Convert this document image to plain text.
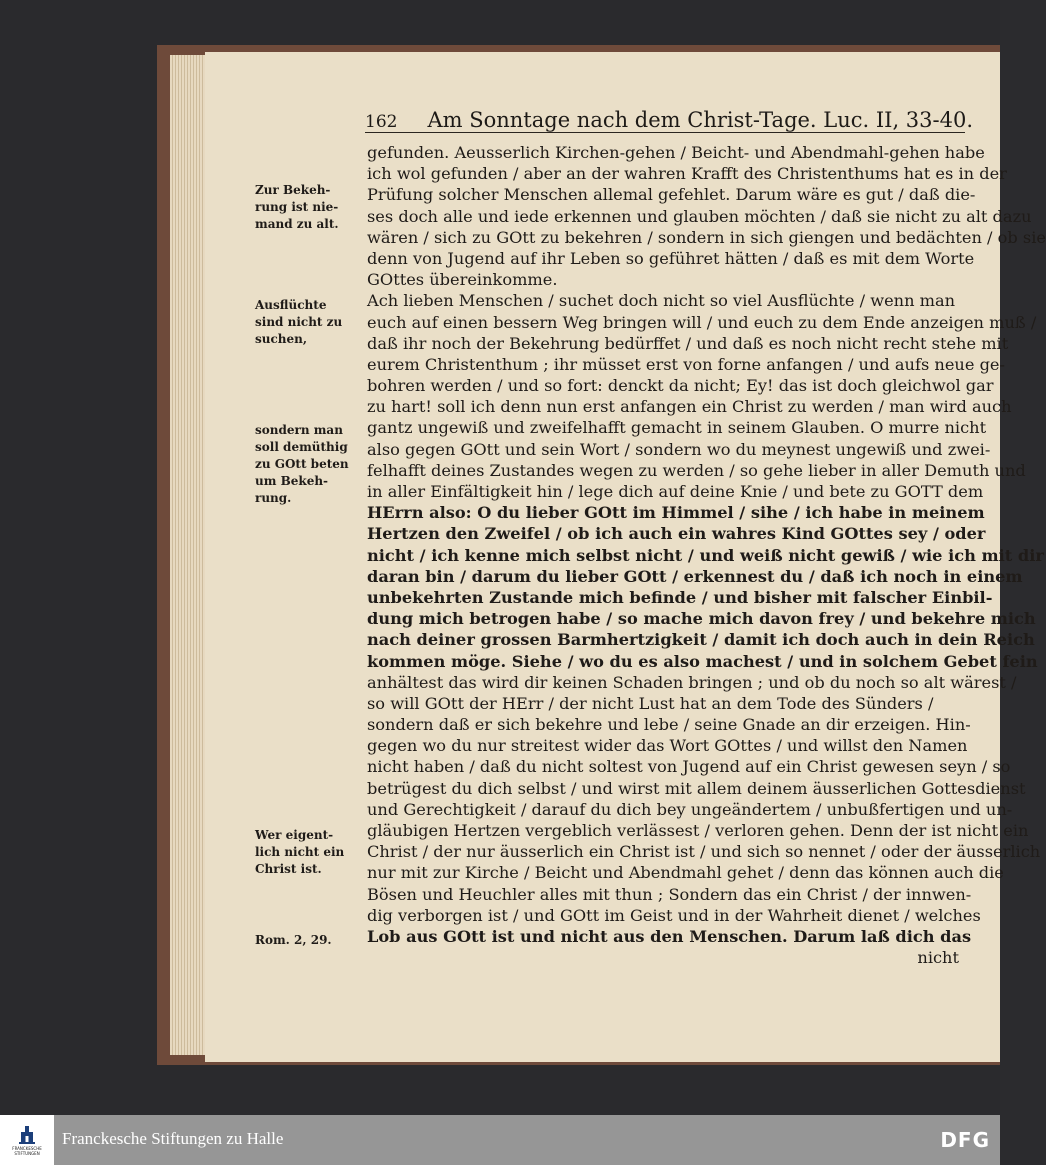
162 Am Sonntage nach dem Christ-Tage. Luc. II, 33-40.
gefunden. Aeusserlich Kirchen-gehen / Beicht- und Abendmahl-gehen habe
ich wol gefunden / aber an der wahren Krafft des Christenthums hat es in der
Prüfung solcher Menschen allemal gefehlet. Darum wäre es gut / daß die-
ses doch alle und iede erkennen und glauben möchten / daß sie nicht zu alt dazu
wären / sich zu GOtt zu bekehren / sondern in sich giengen und bedächten / ob sie
denn von Jugend auf ihr Leben so geführet hätten / daß es mit dem Worte
GOttes übereinkomme.
Ach lieben Menschen / suchet doch nicht so viel Ausflüchte / wenn man
euch auf einen bessern Weg bringen will / und euch zu dem Ende anzeigen muß /
daß ihr noch der Bekehrung bedürffet / und daß es noch nicht recht stehe mit
eurem Christenthum ; ihr müsset erst von forne anfangen / und aufs neue ge-
bohren werden / und so fort: denckt da nicht; Ey! das ist doch gleichwol gar
zu hart! soll ich denn nun erst anfangen ein Christ zu werden / man wird auch
gantz ungewiß und zweifelhafft gemacht in seinem Glauben. O murre nicht
also gegen GOtt und sein Wort / sondern wo du meynest ungewiß und zwei-
felhafft deines Zustandes wegen zu werden / so gehe lieber in aller Demuth und
in aller Einfältigkeit hin / lege dich auf deine Knie / und bete zu GOTT dem
HErrn also: O du lieber GOtt im Himmel / sihe / ich habe in meinem
Hertzen den Zweifel / ob ich auch ein wahres Kind GOttes sey / oder
nicht / ich kenne mich selbst nicht / und weiß nicht gewiß / wie ich mit dir
daran bin / darum du lieber GOtt / erkennest du / daß ich noch in einem
unbekehrten Zustande mich befinde / und bisher mit falscher Einbil-
dung mich betrogen habe / so mache mich davon frey / und bekehre mich
nach deiner grossen Barmhertzigkeit / damit ich doch auch in dein Reich
kommen möge. Siehe / wo du es also machest / und in solchem Gebet fein
anhältest das wird dir keinen Schaden bringen ; und ob du noch so alt wärest /
so will GOtt der HErr / der nicht Lust hat an dem Tode des Sünders /
sondern daß er sich bekehre und lebe / seine Gnade an dir erzeigen. Hin-
gegen wo du nur streitest wider das Wort GOttes / und willst den Namen
nicht haben / daß du nicht soltest von Jugend auf ein Christ gewesen seyn / so
betrügest du dich selbst / und wirst mit allem deinem äusserlichen Gottesdienst
und Gerechtigkeit / darauf du dich bey ungeändertem / unbußfertigen und un-
gläubigen Hertzen vergeblich verlässest / verloren gehen. Denn der ist nicht ein
Christ / der nur äusserlich ein Christ ist / und sich so nennet / oder der äusserlich
nur mit zur Kirche / Beicht und Abendmahl gehet / denn das können auch die
Bösen und Heuchler alles mit thun ; Sondern das ein Christ / der innwen-
dig verborgen ist / und GOtt im Geist und in der Wahrheit dienet / welches
Lob aus GOtt ist und nicht aus den Menschen. Darum laß dich das
nicht
Zur Bekeh-
rung ist nie-
mand zu alt.
Ausflüchte
sind nicht zu
suchen,
sondern man
soll demüthig
zu GOtt beten
um Bekeh-
rung.
Wer eigent-
lich nicht ein
Christ ist.
Rom. 2, 29.
FRANCKESCHE STIFTUNGEN
Franckesche Stiftungen zu Halle	DFG
